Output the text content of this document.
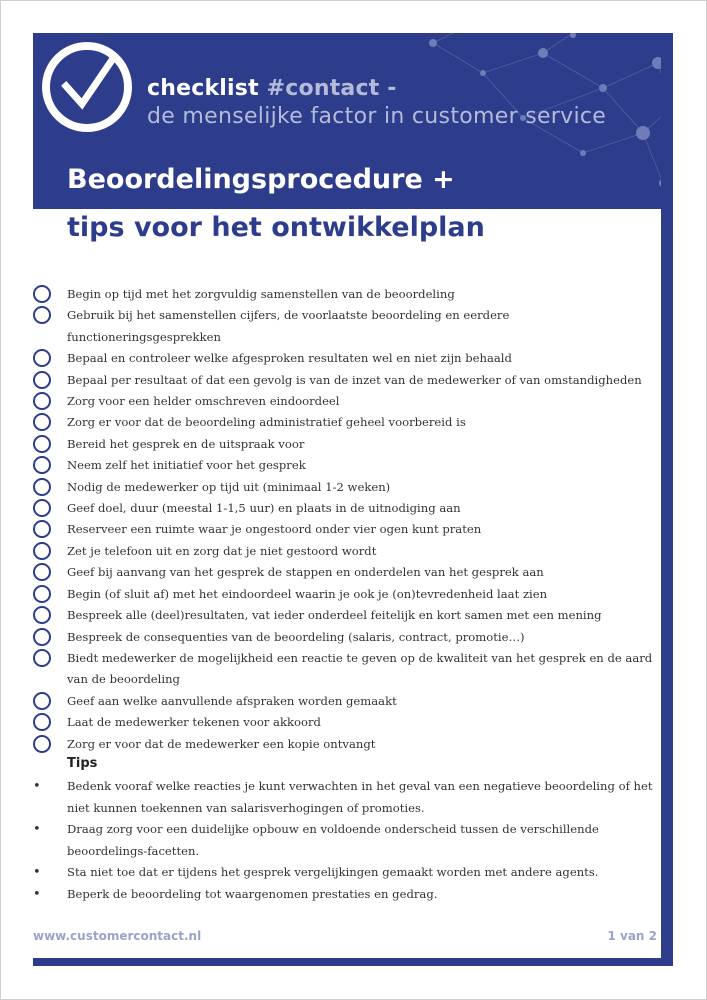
checklist #contact -
de menselijke factor in customer service
Beoordelingsprocedure +
tips voor het ontwikkelplan
Begin op tijd met het zorgvuldig samenstellen van de beoordeling
Gebruik bij het samenstellen cijfers, de voorlaatste beoordeling en eerdere functioneringsgesprekken
Bepaal en controleer welke afgesproken resultaten wel en niet zijn behaald
Bepaal per resultaat of dat een gevolg is van de inzet van de medewerker of van omstandigheden
Zorg voor een helder omschreven eindoordeel
Zorg er voor dat de beoordeling administratief geheel voorbereid is
Bereid het gesprek en de uitspraak voor
Neem zelf het initiatief voor het gesprek
Nodig de medewerker op tijd uit (minimaal 1-2 weken)
Geef doel, duur (meestal 1-1,5 uur) en plaats in de uitnodiging aan
Reserveer een ruimte waar je ongestoord onder vier ogen kunt praten
Zet je telefoon uit en zorg dat je niet gestoord wordt
Geef bij aanvang van het gesprek de stappen en onderdelen van het gesprek aan
Begin (of sluit af) met het eindoordeel waarin je ook je (on)tevredenheid laat zien
Bespreek alle (deel)resultaten, vat ieder onderdeel feitelijk en kort samen met een mening
Bespreek de consequenties van de beoordeling (salaris, contract, promotie…)
Biedt medewerker de mogelijkheid een reactie te geven op de kwaliteit van het gesprek en de aard van de beoordeling
Geef aan welke aanvullende afspraken worden gemaakt
Laat de medewerker tekenen voor akkoord
Zorg er voor dat de medewerker een kopie ontvangt
Tips
• Bedenk vooraf welke reacties je kunt verwachten in het geval van een negatieve beoordeling of het niet kunnen toekennen van salarisverhogingen of promoties.
• Draag zorg voor een duidelijke opbouw en voldoende onderscheid tussen de verschillende beoordelings-facetten.
• Sta niet toe dat er tijdens het gesprek vergelijkingen gemaakt worden met andere agents.
• Beperk de beoordeling tot waargenomen prestaties en gedrag.
www.customercontact.nl	1 van 2
